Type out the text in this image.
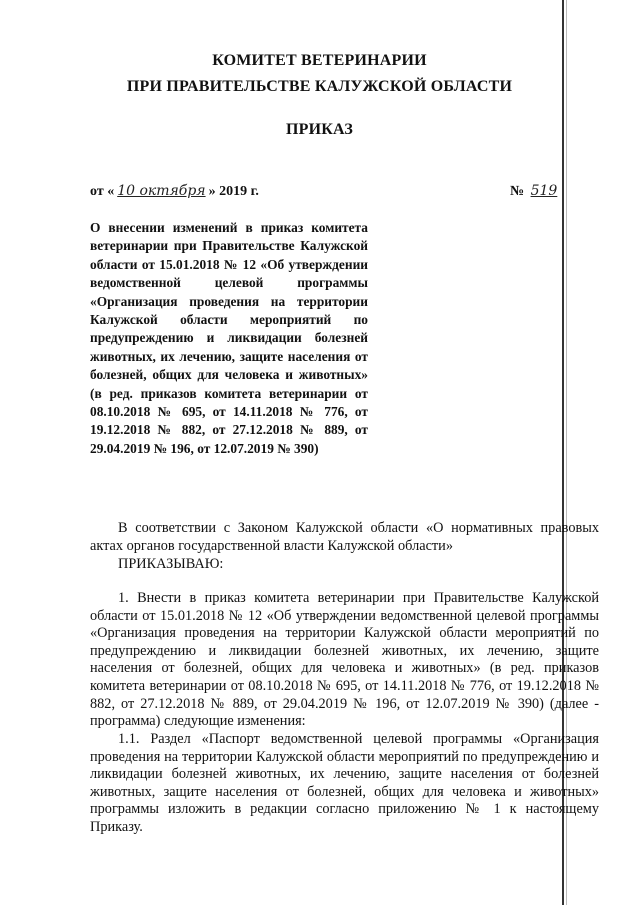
КОМИТЕТ ВЕТЕРИНАРИИ
ПРИ ПРАВИТЕЛЬСТВЕ КАЛУЖСКОЙ ОБЛАСТИ
ПРИКАЗ
от « 10 октября » 2019 г.	№ 519

О внесении изменений в приказ комитета ветеринарии при Правительстве Калужской области от 15.01.2018 № 12 «Об утверждении ведомственной целевой программы «Организация проведения на территории Калужской области мероприятий по предупреждению и ликвидации болезней животных, их лечению, защите населения от болезней, общих для человека и животных» (в ред. приказов комитета ветеринарии от 08.10.2018 № 695, от 14.11.2018 № 776, от 19.12.2018 № 882, от 27.12.2018 № 889, от 29.04.2019 № 196, от 12.07.2019 № 390)

В соответствии с Законом Калужской области «О нормативных правовых актах органов государственной власти Калужской области»

ПРИКАЗЫВАЮ:

1. Внести в приказ комитета ветеринарии при Правительстве Калужской области от 15.01.2018 № 12 «Об утверждении ведомственной целевой программы «Организация проведения на территории Калужской области мероприятий по предупреждению и ликвидации болезней животных, их лечению, защите населения от болезней, общих для человека и животных» (в ред. приказов комитета ветеринарии от 08.10.2018 № 695, от 14.11.2018 № 776, от 19.12.2018 № 882, от 27.12.2018 № 889, от 29.04.2019 № 196, от 12.07.2019 № 390) (далее - программа) следующие изменения:

1.1. Раздел «Паспорт ведомственной целевой программы «Организация проведения на территории Калужской области мероприятий по предупреждению и ликвидации болезней животных, их лечению, защите населения от болезней животных, защите населения от болезней, общих для человека и животных» программы изложить в редакции согласно приложению № 1 к настоящему Приказу.
